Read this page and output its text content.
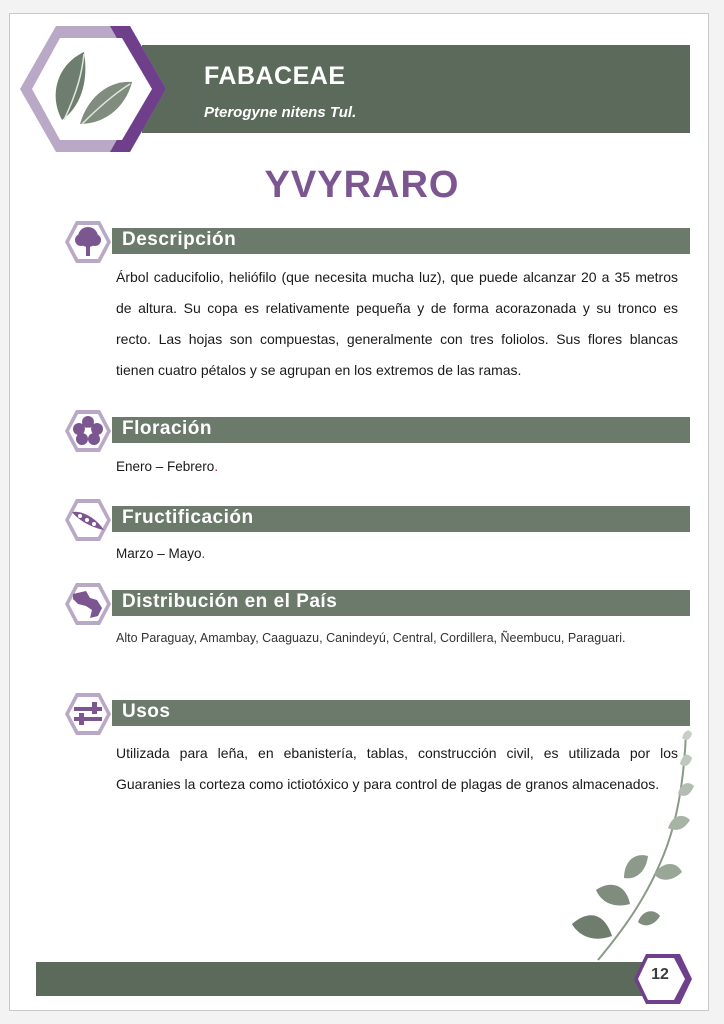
FABACEAE
Pterogyne nitens Tul.
YVYRARO
Descripción
Árbol caducifolio, heliófilo (que necesita mucha luz), que puede alcanzar 20 a 35 metros de altura. Su copa es relativamente pequeña y de forma acorazonada y su tronco es recto. Las hojas son compuestas, generalmente con tres foliolos. Sus flores blancas tienen cuatro pétalos y se agrupan en los extremos de las ramas.
Floración
Enero – Febrero.
Fructificación
Marzo – Mayo.
Distribución en el País
Alto Paraguay, Amambay, Caaguazu, Canindeyú, Central, Cordillera, Ñeembucu, Paraguari.
Usos
Utilizada para leña, en ebanistería, tablas, construcción civil, es utilizada por los Guaranies la corteza como ictiotóxico y para control de plagas de granos almacenados.
12
